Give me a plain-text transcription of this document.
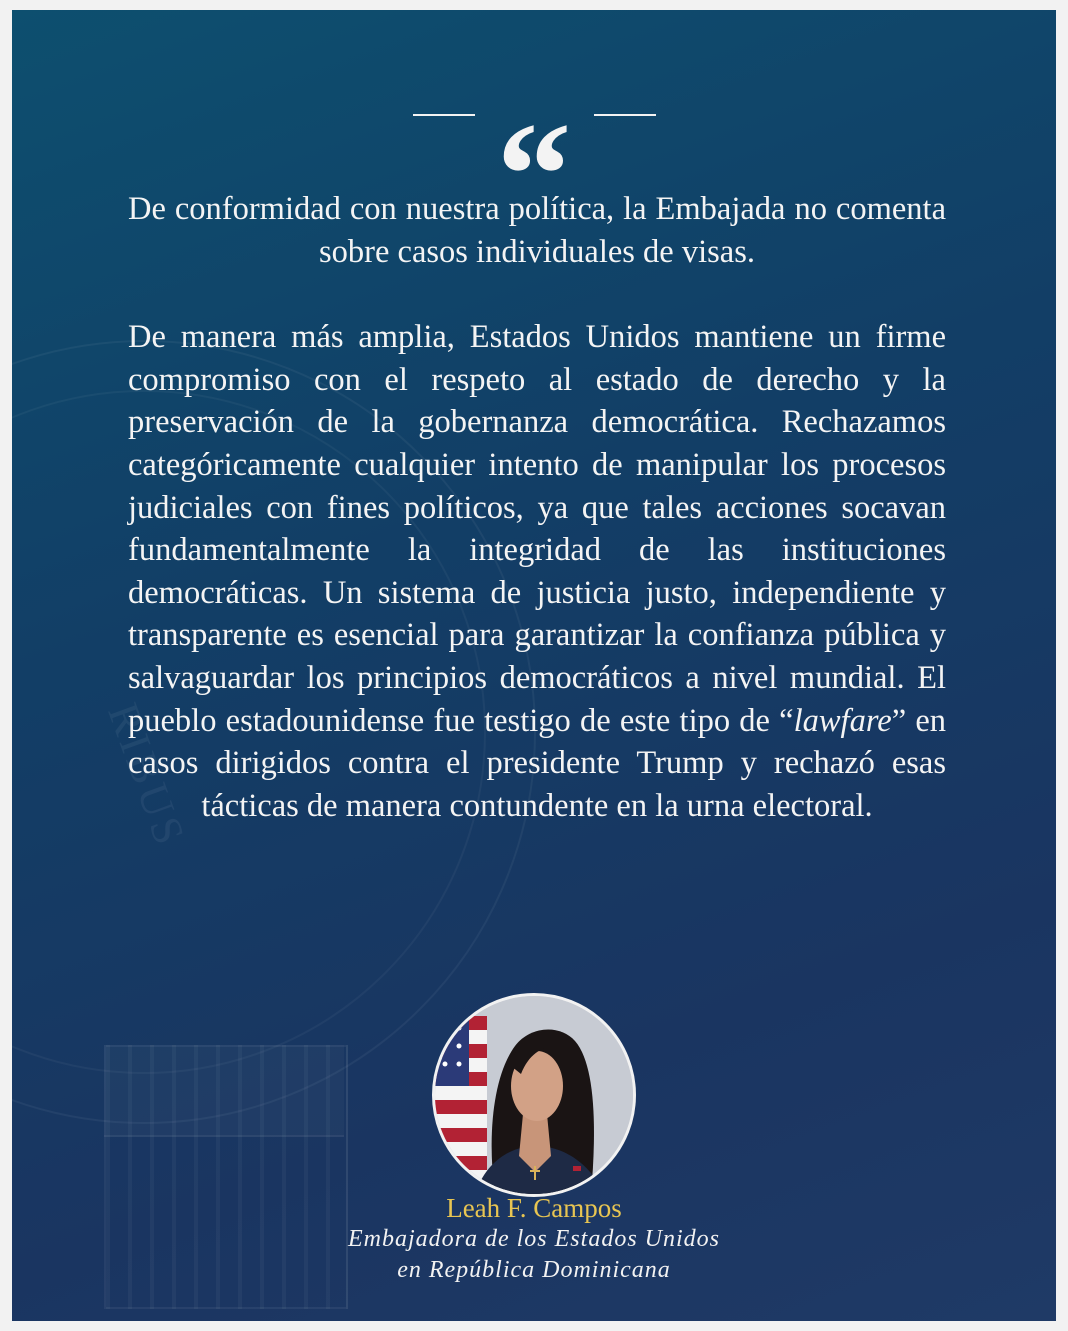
RIBUS
“

De conformidad con nuestra política, la Embajada no comenta sobre casos individuales de visas.

De manera más amplia, Estados Unidos mantiene un firme compromiso con el respeto al estado de derecho y la preservación de la gobernanza democrática. Rechazamos categóricamente cualquier intento de manipular los procesos judiciales con fines políticos, ya que tales acciones socavan fundamentalmente la integridad de las instituciones democráticas. Un sistema de justicia justo, independiente y transparente es esencial para garantizar la confianza pública y salvaguardar los principios democráticos a nivel mundial. El pueblo estadounidense fue testigo de este tipo de “lawfare” en casos dirigidos contra el presidente Trump y rechazó esas tácticas de manera contundente en la urna electoral.

Leah F. Campos
Embajadora de los Estados Unidos
en República Dominicana
